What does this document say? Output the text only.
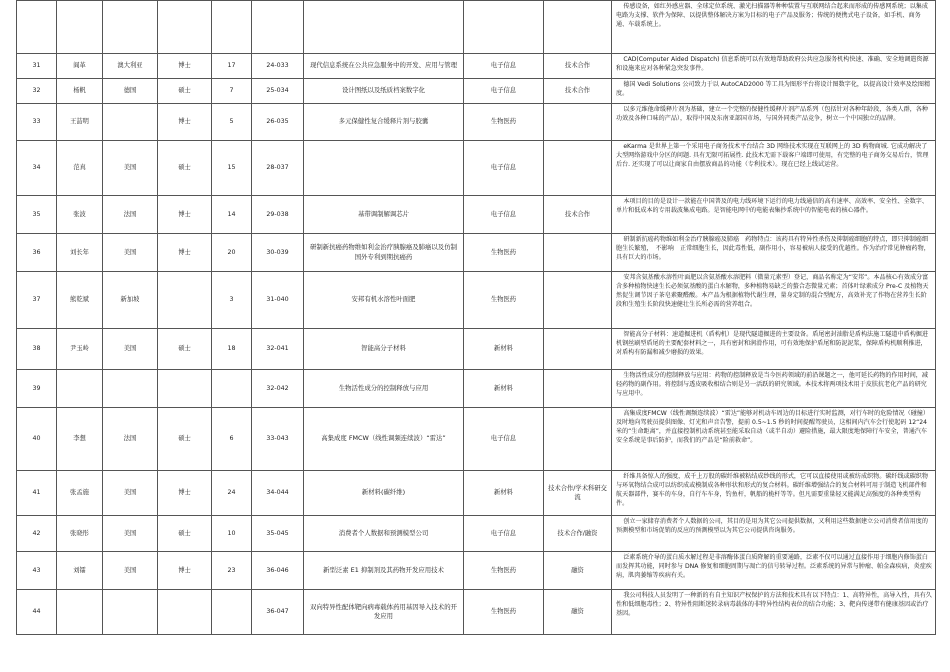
									传感设备，如红外感应器、全球定位系统、激光扫描器等种种装置与互联网结合起来而形成的传感网系统；以集成电路为支撑、软件为保障、以提供整体解决方案为目标的电子产品及服务；传统的便携式电子设备，如手机、商务通、车载系统上。
31	阎革	澳大利亚	博士	17	24-033	现代信息系统在公共应急服务中的开发、应用与管理	电子信息	技术合作	CAD(Computer Aided Dispatch) 信息系统可以有效地帮助政府公共应急服务机构快速、准确、安全地调遣资源和设施来应对各种紧急突发事件。
32	杨帆	德国	硕士	7	25-034	设计图纸以及纸质档案数字化	电子信息	技术合作	德国 Vedi Solutions 公司致力于以 AutoCAD2000 等工具为图形平台将设计图数字化，以提高设计效率及绘图精度。
33	王喆明		博士	5	26-035	多元保健性复合缓释片剂与胶囊	生物医药		以多元维他命缓释片剂为基础，建立一个完整的保健性缓释片剂产品系列（包括针对各种年龄段，各类人群，各种功效及各种口味的产品），取得中国及东南亚部国市场，与国外同类产品竞争，树立一个中国独立的品牌。
34	范真	美国	硕士	15	28-037		电子信息		eKarma 是世界上第一个采用电子商务技术平台结合 3D 网络技术实现在互联网上的 3D 购物商城. 它成功解决了大型网络游戏中分区的问题. 具有无限可拓展性. 此技术无需下载客户端即可使用，有完整的电子商务交易后台，管理后台. 还实现了可以让商家自由摆放商品的功能（专利技术）。现在已经上线试运营。
35	张波	法国	博士	14	29-038	基带调制解调芯片	电子信息	技术合作	本项目的目的是设计一款能在中国普及的电力线环境下运行的电力线通信的高有速率、高效率、安全性、全数字、单片和低成本的专用载波集成电路。是智能电网中的电能表集抄系统中的智能电表的核心器件。
36	刘长年	美国	博士	20	30-039	研制新抗癌药物维如利金治疗胰腺癌及肺癌以及仿制国外专利到期抗癌药	生物医药		研制新抗癌药物维如利金治疗胰腺癌及肺癌　药物特点：该药具有特异性杀伤及抑制癌细胞的特点，即只抑制癌细胞生长繁殖，　不影响　正常细胞生长，因此毒性低，副作用小，容易被病人接受的优越性。作为治疗常见肿瘤药物，具有巨大的市场。
37	熊乾斌	新加坡		3	31-040	安邦有机水溶性叶面肥	生物医药		安邦含氨基酸水溶性叶面肥以含氨基酸水溶肥料（微量元素型）登记，商品名称定为“安邦”。本品核心有效成分富含多种植物快速生长必须氨基酸的蛋白水解物，多种植物易缺乏的螯合态微量元素；首体叶绿素成分 Pre-C 及植物天然促生调节因子茶皂素聚醛酸。本产品为根据植物代谢生理，量身定制的混合型配方，高效补充了作物在营养生长阶段和生殖生长阶段快速健壮生长所必需的营养组合。
38	尹玉岭	美国	硕士	18	32-041	智能高分子材料	新材料		智能高分子材料：速道掘进机（盾构机）是现代隧道掘进的主要设备。盾尾密封油脂是盾构法施工隧道中盾构掘进机钢丝刷型盾尾的主要配套材料之一，具有密封和润滑作用，可有效地保护盾尾和防泥泥浆，保障盾构机顺利推进，对盾构有防漏和减少磨损的效果。
39					32-042	生物活性成分的控制释放与应用	新材料		生物活性成分的控制释放与应用：药物的控制释放是当今医药领域的前沿课题之一，他可延长药物的作用时间，减轻药物的副作用。将控制与透皮吸收相结合则是另一活跃的研究领域。本技术将两项技术用于皮肤抗老化产品的研究与应用中。
40	李想	法国	硕士	6	33-043	高集成度 FMCW（线性调频连续波）“雷达”	电子信息		高集成度FMCW（线性调频连续波）“雷达”能够对机动车周边的目标进行实时监测，对行车时的危险情况（碰撞）及时地向驾驶员提供图像、灯光和声音告警，提前 0.5~1.5 秒的时间提醒驾驶员，这相间内汽车会行使起码 12“24 米的“生命距离”，并直接控制机动系统甚至能采取自动（或半自动）避险措施，最大限度地保障行车安全，普通汽车安全系统是事后防护，而我们的产品是“险前救命”。
41	张孟施	美国	博士	24	34-044	新材料(碳纤维)	新材料	技术合作/学术科研交流	纤维具备惊人的强度，成千上万股的碳纤维被粘结成纱线的形式，它可以直接使用或被纺成织物。碳纤线或碳织物与环氧物结合成可以纺织成或模制成各种形状和形式的复合材料。碳纤维增强结合的复合材料可用于制造飞机部件和航天器部件，赛车的车身，自行车车身，钓鱼杆，帆船的桅杆等等。但凡需要重量轻又能满足高强度的各种类型构件。
42	张晓彤	美国	硕士	10	35-045	消费者个人数据和预测模型公司	电子信息	技术合作/融资	创立一家储存消费者个人数据的公司，其目的是用为其它公司提供数据，又利用这些数据建立公司消费者信用度的预测模型和市场促销的反应的预测模型以为其它公司提供咨询服务。
43	刘镭	美国	博士	23	36-046	新型泛素 E1 抑制剂及其药物开发应用技术	生物医药	融资	泛素系统介导的蛋白质水解过程是非溶酶体蛋白质降解的重要通路，泛素不仅可以通过直接作用于细胞内修饰蛋白而发挥其功能，同时参与 DNA 修复和细胞周期与凋亡的信号转导过程。泛素系统的异常与肿瘤、帕金森疾病，炎症疾病，肌肉萎缩等疾病有关。
44					36-047	双向特异性配体靶向病毒载体药用基因导入技术的开发应用	生物医药	融资	我公司科技人员发明了一种新的有自主知识产权保护的方法和技术具有以下特点：1、高特异性，高导入性，具有久性和低细胞毒性；2、特异性阻断迷转录病毒载体的非特异性结构表位的结合功能；3、靶向传递带有健康基因或治疗基因。
